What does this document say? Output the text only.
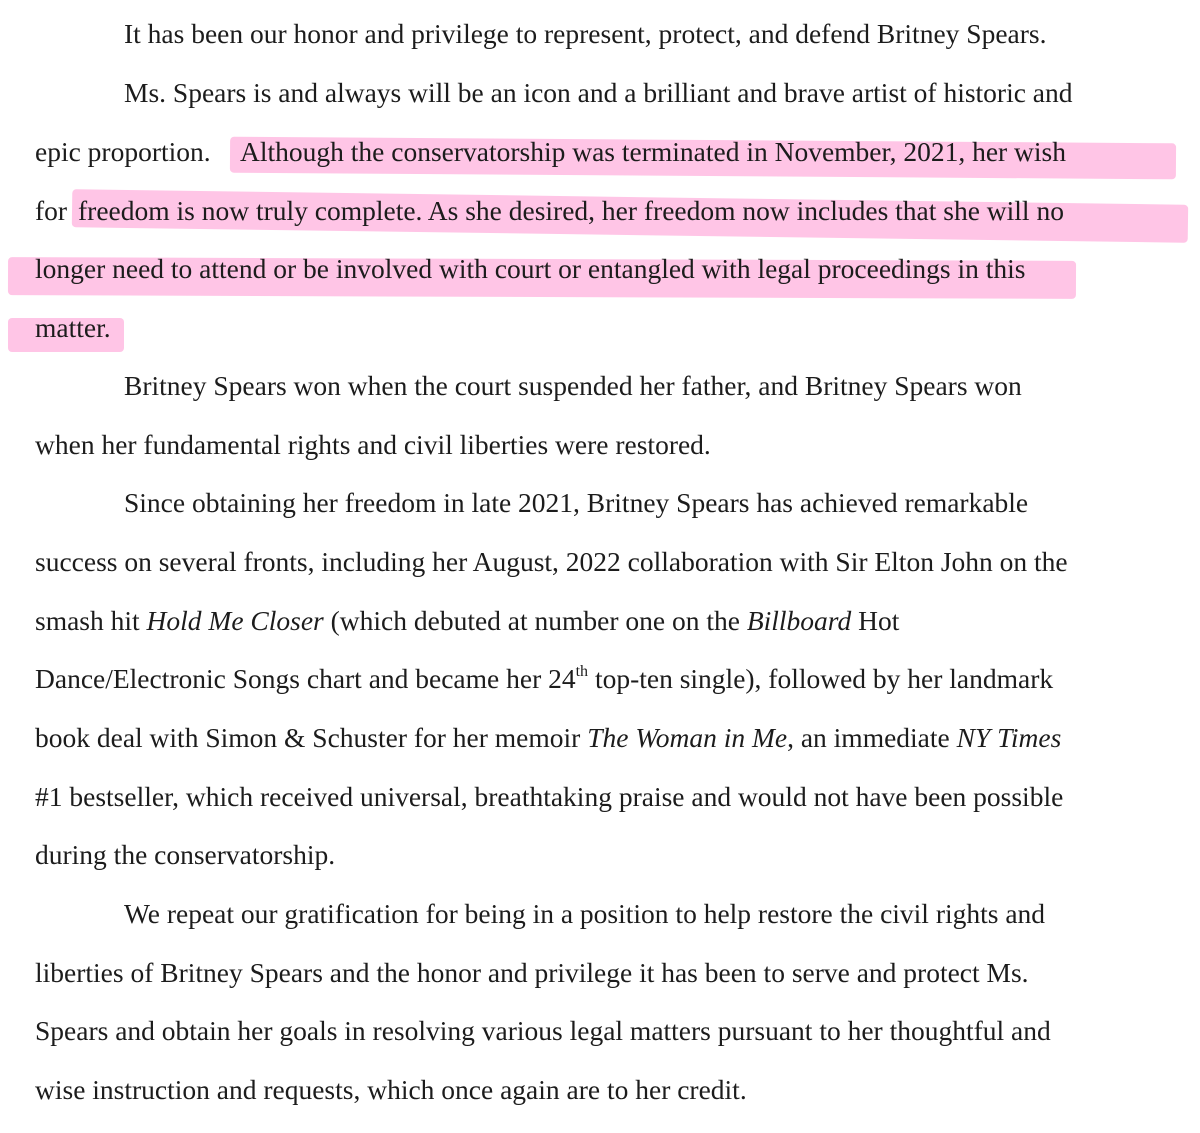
It has been our honor and privilege to represent, protect, and defend Britney Spears.
Ms. Spears is and always will be an icon and a brilliant and brave artist of historic and
epic proportion. Although the conservatorship was terminated in November, 2021, her wish
for freedom is now truly complete. As she desired, her freedom now includes that she will no
longer need to attend or be involved with court or entangled with legal proceedings in this
matter.
Britney Spears won when the court suspended her father, and Britney Spears won
when her fundamental rights and civil liberties were restored.
Since obtaining her freedom in late 2021, Britney Spears has achieved remarkable
success on several fronts, including her August, 2022 collaboration with Sir Elton John on the
smash hit Hold Me Closer (which debuted at number one on the Billboard Hot
Dance/Electronic Songs chart and became her 24th top-ten single), followed by her landmark
book deal with Simon & Schuster for her memoir The Woman in Me, an immediate NY Times
#1 bestseller, which received universal, breathtaking praise and would not have been possible
during the conservatorship.
We repeat our gratification for being in a position to help restore the civil rights and
liberties of Britney Spears and the honor and privilege it has been to serve and protect Ms.
Spears and obtain her goals in resolving various legal matters pursuant to her thoughtful and
wise instruction and requests, which once again are to her credit.
